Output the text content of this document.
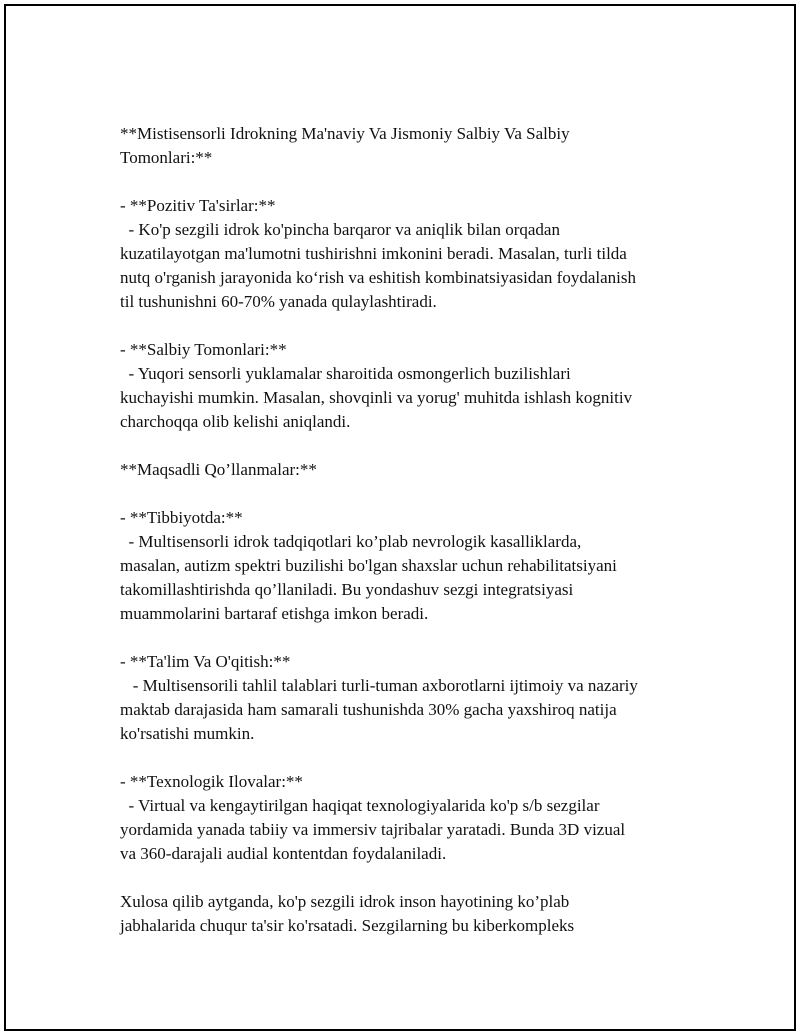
**Mistisensorli Idrokning Ma'naviy Va Jismoniy Salbiy Va Salbiy
Tomonlari:**
- **Pozitiv Ta'sirlar:**
- Ko'p sezgili idrok ko'pincha barqaror va aniqlik bilan orqadan
kuzatilayotgan ma'lumotni tushirishni imkonini beradi. Masalan, turli tilda
nutq o'rganish jarayonida ko‘rish va eshitish kombinatsiyasidan foydalanish
til tushunishni 60-70% yanada qulaylashtiradi.
- **Salbiy Tomonlari:**
- Yuqori sensorli yuklamalar sharoitida osmongerlich buzilishlari
kuchayishi mumkin. Masalan, shovqinli va yorug' muhitda ishlash kognitiv
charchoqqa olib kelishi aniqlandi.
**Maqsadli Qo’llanmalar:**
- **Tibbiyotda:**
- Multisensorli idrok tadqiqotlari ko’plab nevrologik kasalliklarda,
masalan, autizm spektri buzilishi bo'lgan shaxslar uchun rehabilitatsiyani
takomillashtirishda qo’llaniladi. Bu yondashuv sezgi integratsiyasi
muammolarini bartaraf etishga imkon beradi.
- **Ta'lim Va O'qitish:**
- Multisensorili tahlil talablari turli-tuman axborotlarni ijtimoiy va nazariy
maktab darajasida ham samarali tushunishda 30% gacha yaxshiroq natija
ko'rsatishi mumkin.
- **Texnologik Ilovalar:**
- Virtual va kengaytirilgan haqiqat texnologiyalarida ko'p s/b sezgilar
yordamida yanada tabiiy va immersiv tajribalar yaratadi. Bunda 3D vizual
va 360-darajali audial kontentdan foydalaniladi.
Xulosa qilib aytganda, ko'p sezgili idrok inson hayotining ko’plab
jabhalarida chuqur ta'sir ko'rsatadi. Sezgilarning bu kiberkompleks
